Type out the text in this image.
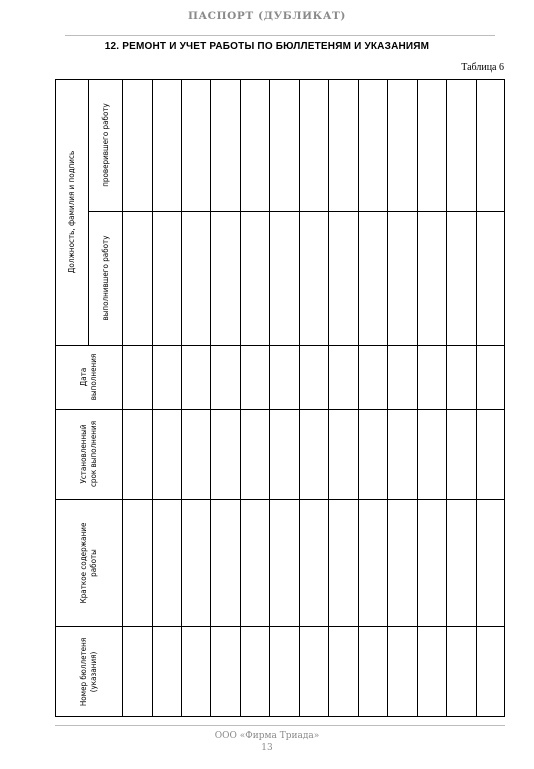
ПАСПОРТ (ДУБЛИКАТ)
12. РЕМОНТ И УЧЕТ РАБОТЫ ПО БЮЛЛЕТЕНЯМ И УКАЗАНИЯМ
Таблица 6
Должность, фамилия и подпись
проверившего работу
выполнившего работу
Дата
выполнения
Установленный
срок выполнения
Краткое содержание
работы
Номер бюллетеня
(указания)
ООО «Фирма Триада»
13
